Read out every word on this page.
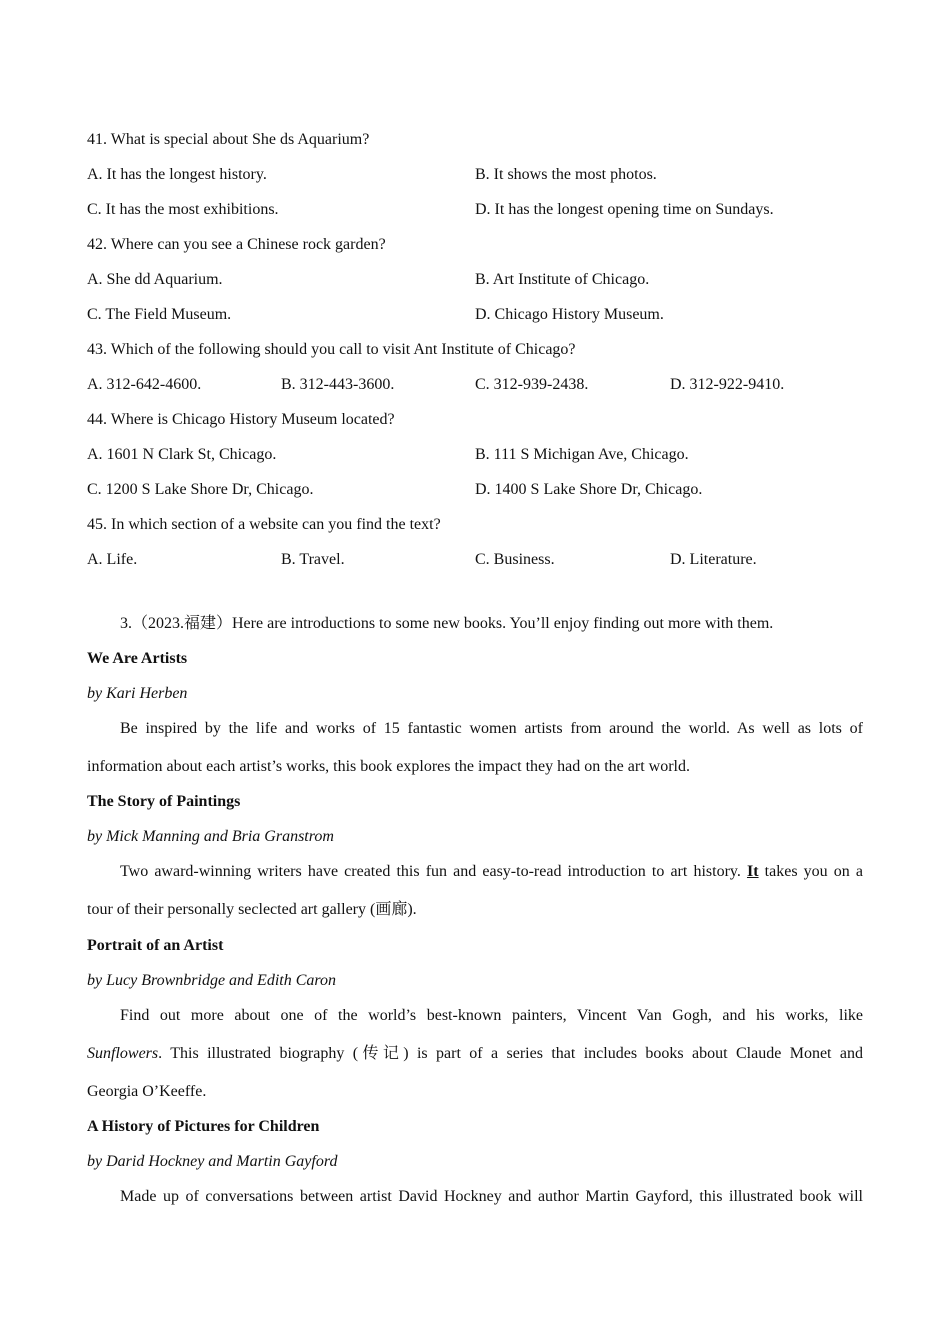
41. What is special about She ds Aquarium?
A. It has the longest history.	B. It shows the most photos.
C. It has the most exhibitions.	D. It has the longest opening time on Sundays.
42. Where can you see a Chinese rock garden?
A. She dd Aquarium.	B. Art Institute of Chicago.
C. The Field Museum.	D. Chicago History Museum.
43. Which of the following should you call to visit Ant Institute of Chicago?
A. 312-642-4600.	B. 312-443-3600.	C. 312-939-2438.	D. 312-922-9410.
44. Where is Chicago History Museum located?
A. 1601 N Clark St, Chicago.	B. 111 S Michigan Ave, Chicago.
C. 1200 S Lake Shore Dr, Chicago.	D. 1400 S Lake Shore Dr, Chicago.
45. In which section of a website can you find the text?
A. Life.	B. Travel.	C. Business.	D. Literature.
3.（2023.福建）Here are introductions to some new books. You’ll enjoy finding out more with them.
We Are Artists
by Kari Herben
Be inspired by the life and works of 15 fantastic women artists from around the world. As well as lots of
information about each artist’s works, this book explores the impact they had on the art world.
The Story of Paintings
by Mick Manning and Bria Granstrom
Two award-winning writers have created this fun and easy-to-read introduction to art history. It takes you on a
tour of their personally seclected art gallery (画廊).
Portrait of an Artist
by Lucy Brownbridge and Edith Caron
Find out more about one of the world’s best-known painters, Vincent Van Gogh, and his works, like
Sunflowers. This illustrated biography (传记) is part of a series that includes books about Claude Monet and
Georgia O’Keeffe.
A History of Pictures for Children
by Darid Hockney and Martin Gayford
Made up of conversations between artist David Hockney and author Martin Gayford, this illustrated book will
